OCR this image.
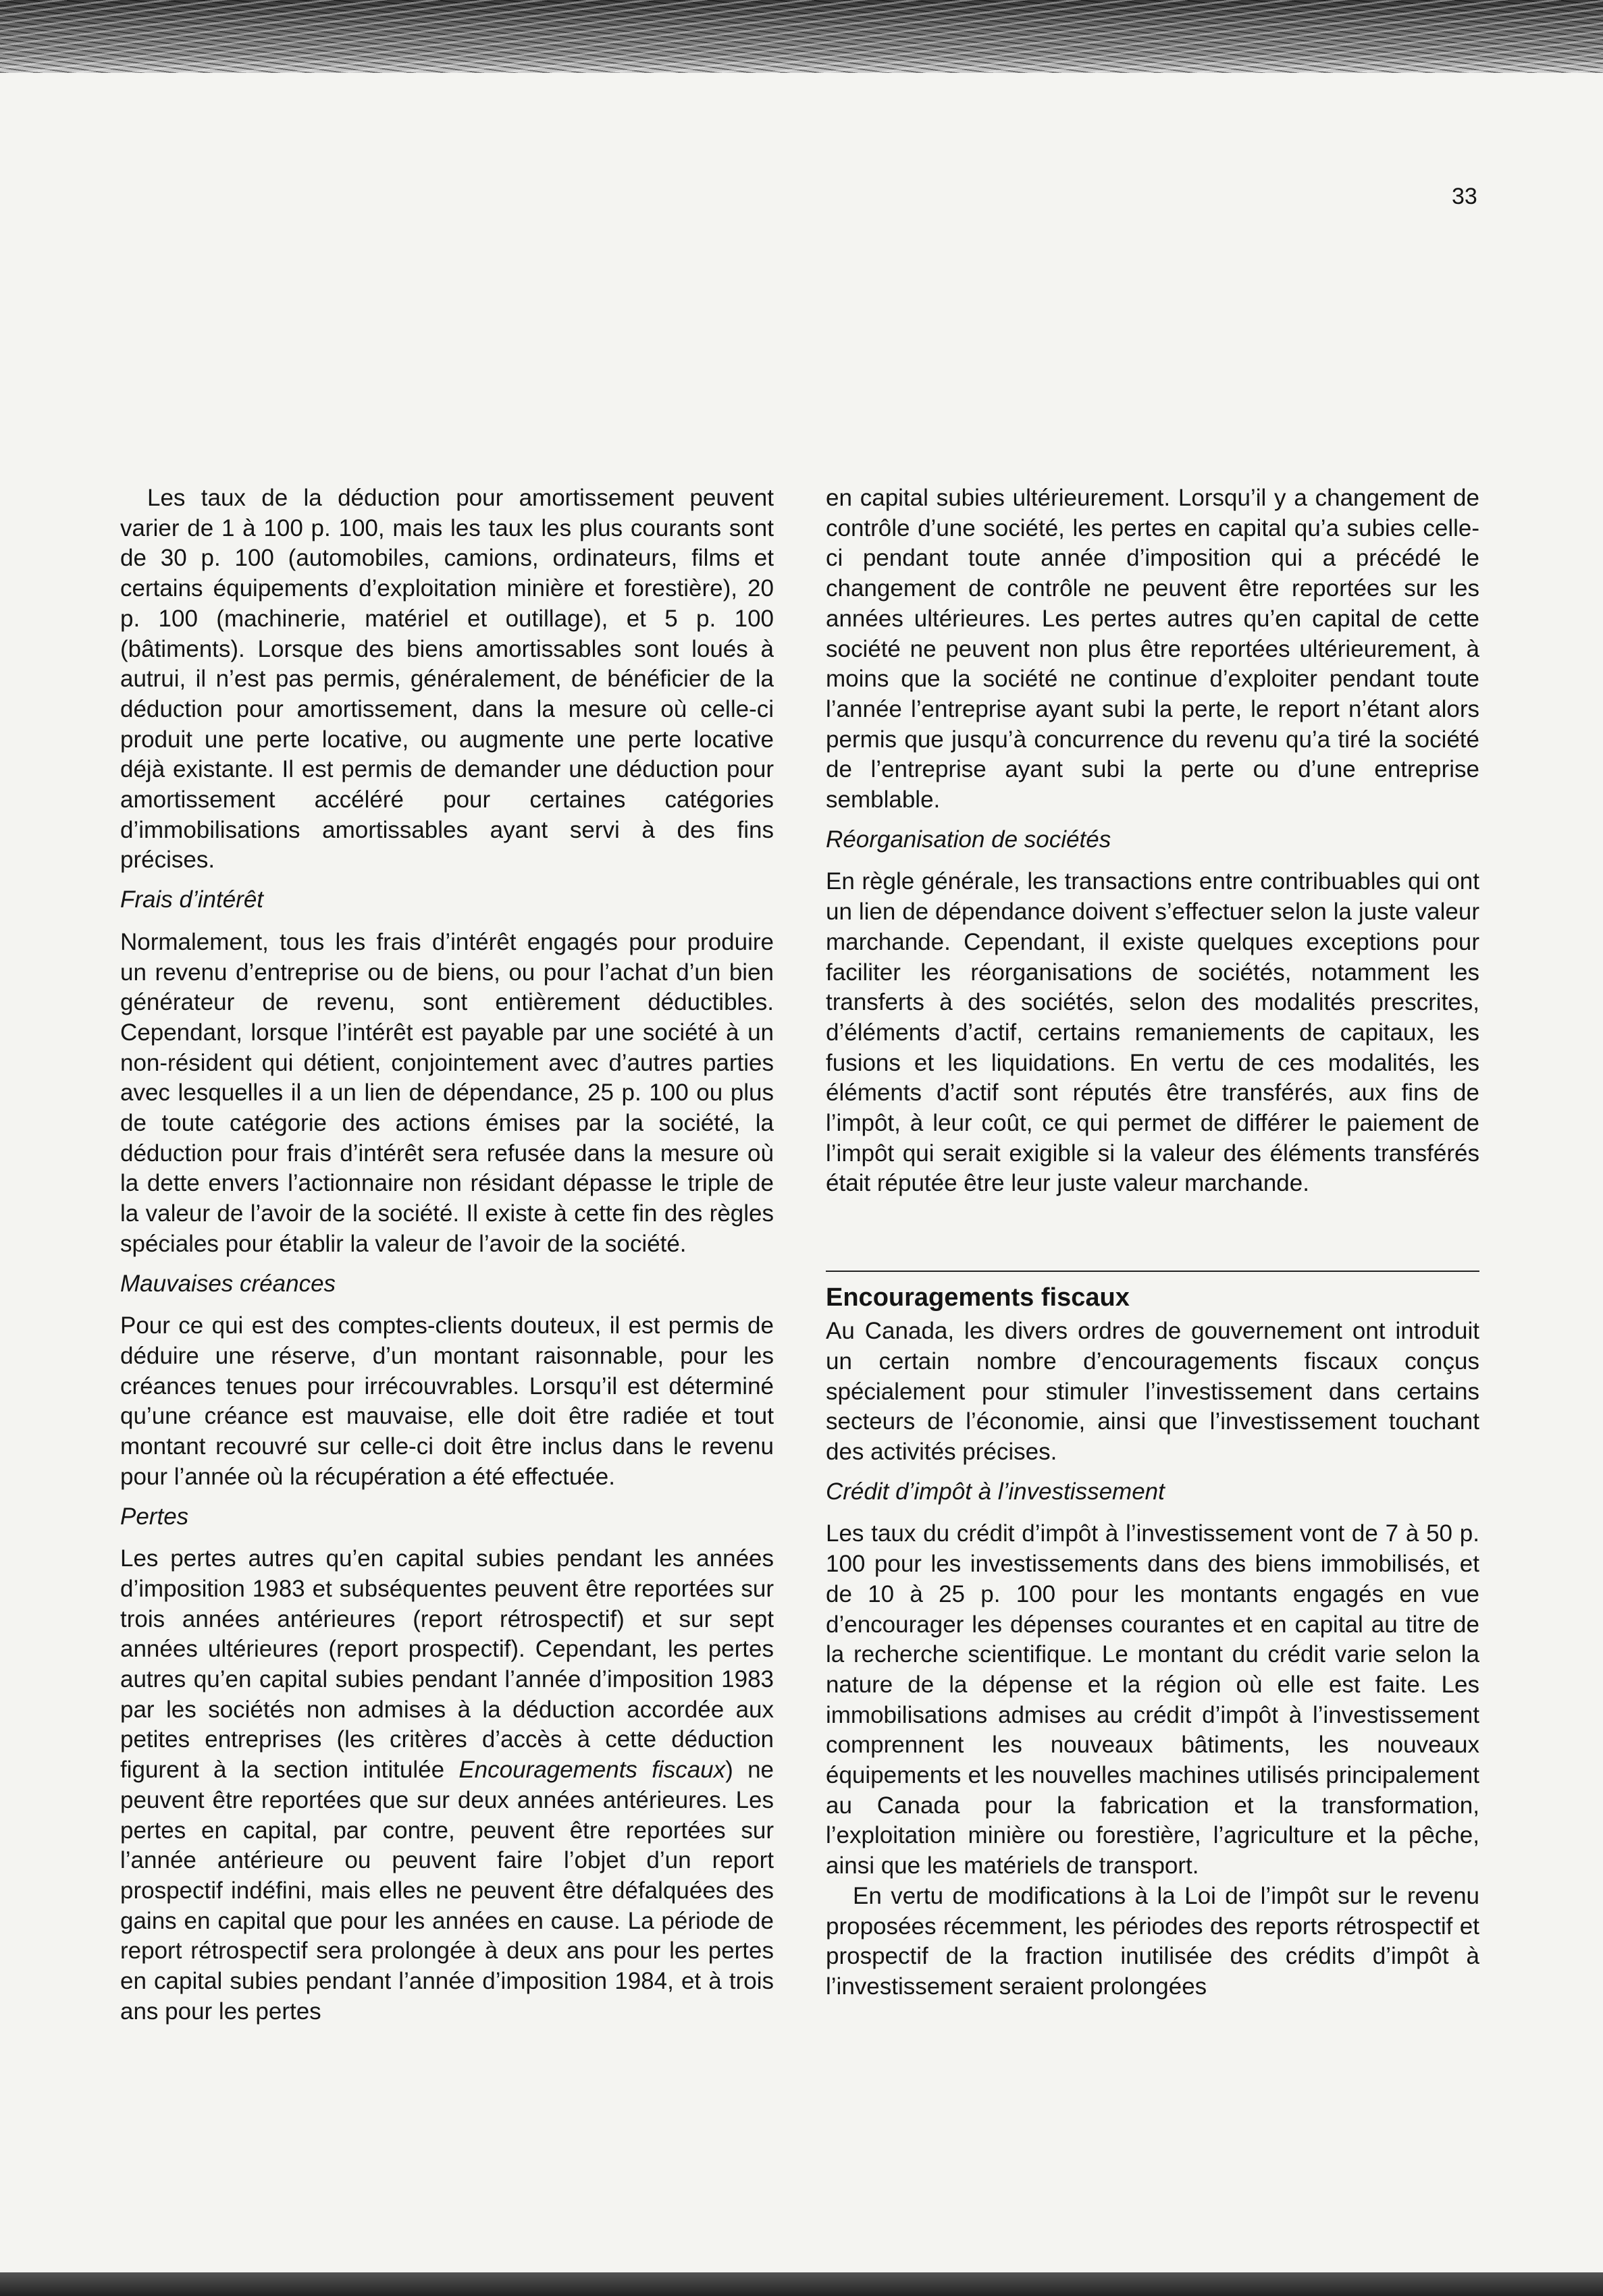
33

Les taux de la déduction pour amortissement peuvent varier de 1 à 100 p. 100, mais les taux les plus courants sont de 30 p. 100 (automobiles, camions, ordinateurs, films et certains équipements d’exploitation minière et forestière), 20 p. 100 (machinerie, matériel et outillage), et 5 p. 100 (bâtiments). Lorsque des biens amortissables sont loués à autrui, il n’est pas permis, généralement, de bénéficier de la déduction pour amortissement, dans la mesure où celle-ci produit une perte locative, ou augmente une perte locative déjà existante. Il est permis de demander une déduction pour amortissement accéléré pour certaines catégories d’immobilisations amortissables ayant servi à des fins précises.

Frais d’intérêt

Normalement, tous les frais d’intérêt engagés pour produire un revenu d’entreprise ou de biens, ou pour l’achat d’un bien générateur de revenu, sont entièrement déductibles. Cependant, lorsque l’intérêt est payable par une société à un non-résident qui détient, conjointement avec d’autres parties avec lesquelles il a un lien de dépendance, 25 p. 100 ou plus de toute catégorie des actions émises par la société, la déduction pour frais d’intérêt sera refusée dans la mesure où la dette envers l’actionnaire non résidant dépasse le triple de la valeur de l’avoir de la société. Il existe à cette fin des règles spéciales pour établir la valeur de l’avoir de la société.

Mauvaises créances

Pour ce qui est des comptes-clients douteux, il est permis de déduire une réserve, d’un montant raisonnable, pour les créances tenues pour irrécouvrables. Lorsqu’il est déterminé qu’une créance est mauvaise, elle doit être radiée et tout montant recouvré sur celle-ci doit être inclus dans le revenu pour l’année où la récupération a été effectuée.

Pertes

Les pertes autres qu’en capital subies pendant les années d’imposition 1983 et subséquentes peuvent être reportées sur trois années antérieures (report rétrospectif) et sur sept années ultérieures (report prospectif). Cependant, les pertes autres qu’en capital subies pendant l’année d’imposition 1983 par les sociétés non admises à la déduction accordée aux petites entreprises (les critères d’accès à cette déduction figurent à la section intitulée Encouragements fiscaux) ne peuvent être reportées que sur deux années antérieures. Les pertes en capital, par contre, peuvent être reportées sur l’année antérieure ou peuvent faire l’objet d’un report prospectif indéfini, mais elles ne peuvent être défalquées des gains en capital que pour les années en cause. La période de report rétrospectif sera prolongée à deux ans pour les pertes en capital subies pendant l’année d’imposition 1984, et à trois ans pour les pertes

en capital subies ultérieurement. Lorsqu’il y a changement de contrôle d’une société, les pertes en capital qu’a subies celle-ci pendant toute année d’imposition qui a précédé le changement de contrôle ne peuvent être reportées sur les années ultérieures. Les pertes autres qu’en capital de cette société ne peuvent non plus être reportées ultérieurement, à moins que la société ne continue d’exploiter pendant toute l’année l’entreprise ayant subi la perte, le report n’étant alors permis que jusqu’à concurrence du revenu qu’a tiré la société de l’entreprise ayant subi la perte ou d’une entreprise semblable.

Réorganisation de sociétés

En règle générale, les transactions entre contribuables qui ont un lien de dépendance doivent s’effectuer selon la juste valeur marchande. Cependant, il existe quelques exceptions pour faciliter les réorganisations de sociétés, notamment les transferts à des sociétés, selon des modalités prescrites, d’éléments d’actif, certains remaniements de capitaux, les fusions et les liquidations. En vertu de ces modalités, les éléments d’actif sont réputés être transférés, aux fins de l’impôt, à leur coût, ce qui permet de différer le paiement de l’impôt qui serait exigible si la valeur des éléments transférés était réputée être leur juste valeur marchande.

Encouragements fiscaux

Au Canada, les divers ordres de gouvernement ont introduit un certain nombre d’encouragements fiscaux conçus spécialement pour stimuler l’investissement dans certains secteurs de l’économie, ainsi que l’investissement touchant des activités précises.

Crédit d’impôt à l’investissement

Les taux du crédit d’impôt à l’investissement vont de 7 à 50 p. 100 pour les investissements dans des biens immobilisés, et de 10 à 25 p. 100 pour les montants engagés en vue d’encourager les dépenses courantes et en capital au titre de la recherche scientifique. Le montant du crédit varie selon la nature de la dépense et la région où elle est faite. Les immobilisations admises au crédit d’impôt à l’investissement comprennent les nouveaux bâtiments, les nouveaux équipements et les nouvelles machines utilisés principalement au Canada pour la fabrication et la transformation, l’exploitation minière ou forestière, l’agriculture et la pêche, ainsi que les matériels de transport.

En vertu de modifications à la Loi de l’impôt sur le revenu proposées récemment, les périodes des reports rétrospectif et prospectif de la fraction inutilisée des crédits d’impôt à l’investissement seraient prolongées
